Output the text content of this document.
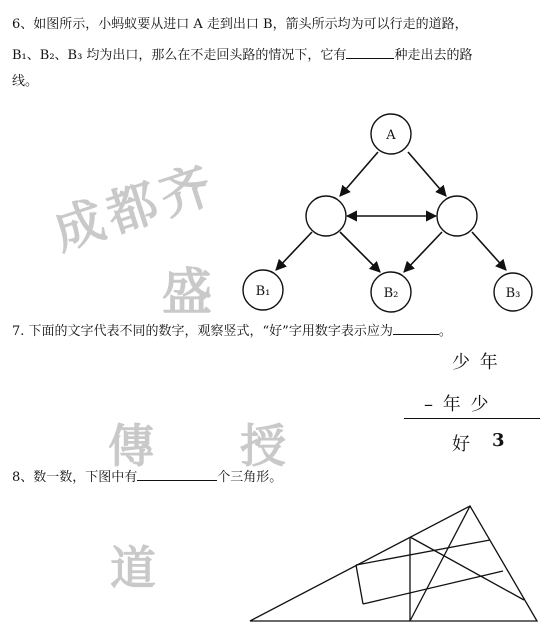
成都齐
盛
傳 授
道
6、如图所示，小蚂蚁要从进口 A 走到出口 B，箭头所示均为可以行走的道路，
B₁、B₂、B₃ 均为出口，那么在不走回头路的情况下，它有	种走出去的路
线。
A
B₁	B₂	B₃
7. 下面的文字代表不同的数字，观察竖式，“好”字用数字表示应为	。
少 年
– 年 少
好 3
8、数一数，下图中有	个三角形。
